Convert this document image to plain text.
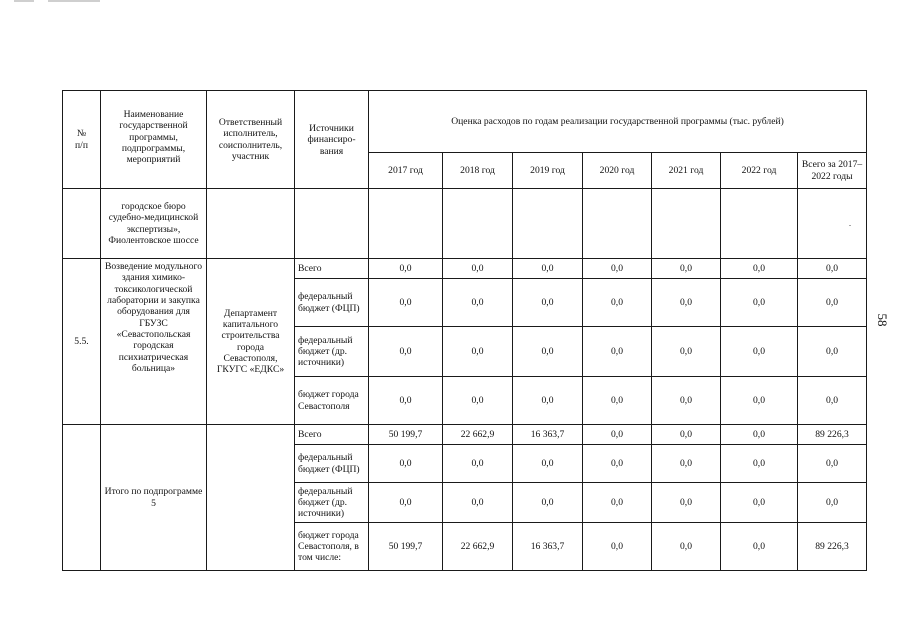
№
п/п	Наименование государственной программы, подпрограммы, мероприятий	Ответственный исполнитель, соисполнитель, участник	Источники финансиро-вания	Оценка расходов по годам реализации государственной программы (тыс. рублей)						
				2017 год	2018 год	2019 год	2020 год	2021 год	2022 год	Всего за 2017–2022 годы
	городское бюро судебно-медицинской экспертизы», Фиолентовское шоссе									.

5.5.	Возведение модульного здания химико-токсикологической лаборатории и закупка оборудования для ГБУЗС «Севастопольская городская психиатрическая больница»	Департамент капитального строительства города Севастополя, ГКУГС «ЕДКС»	Всего	0,0	0,0	0,0	0,0	0,0	0,0	0,0
			федеральный бюджет (ФЦП)	0,0	0,0	0,0	0,0	0,0	0,0	0,0
			федеральный бюджет (др. источники)	0,0	0,0	0,0	0,0	0,0	0,0	0,0
			бюджет города Севастополя	0,0	0,0	0,0	0,0	0,0	0,0	0,0
	Итого по подпрограмме 5		Всего	50 199,7	22 662,9	16 363,7	0,0	0,0	0,0	89 226,3
			федеральный бюджет (ФЦП)	0,0	0,0	0,0	0,0	0,0	0,0	0,0
			федеральный бюджет (др. источники)	0,0	0,0	0,0	0,0	0,0	0,0	0,0
			бюджет города Севастополя, в том числе:	50 199,7	22 662,9	16 363,7	0,0	0,0	0,0	89 226,3
58
